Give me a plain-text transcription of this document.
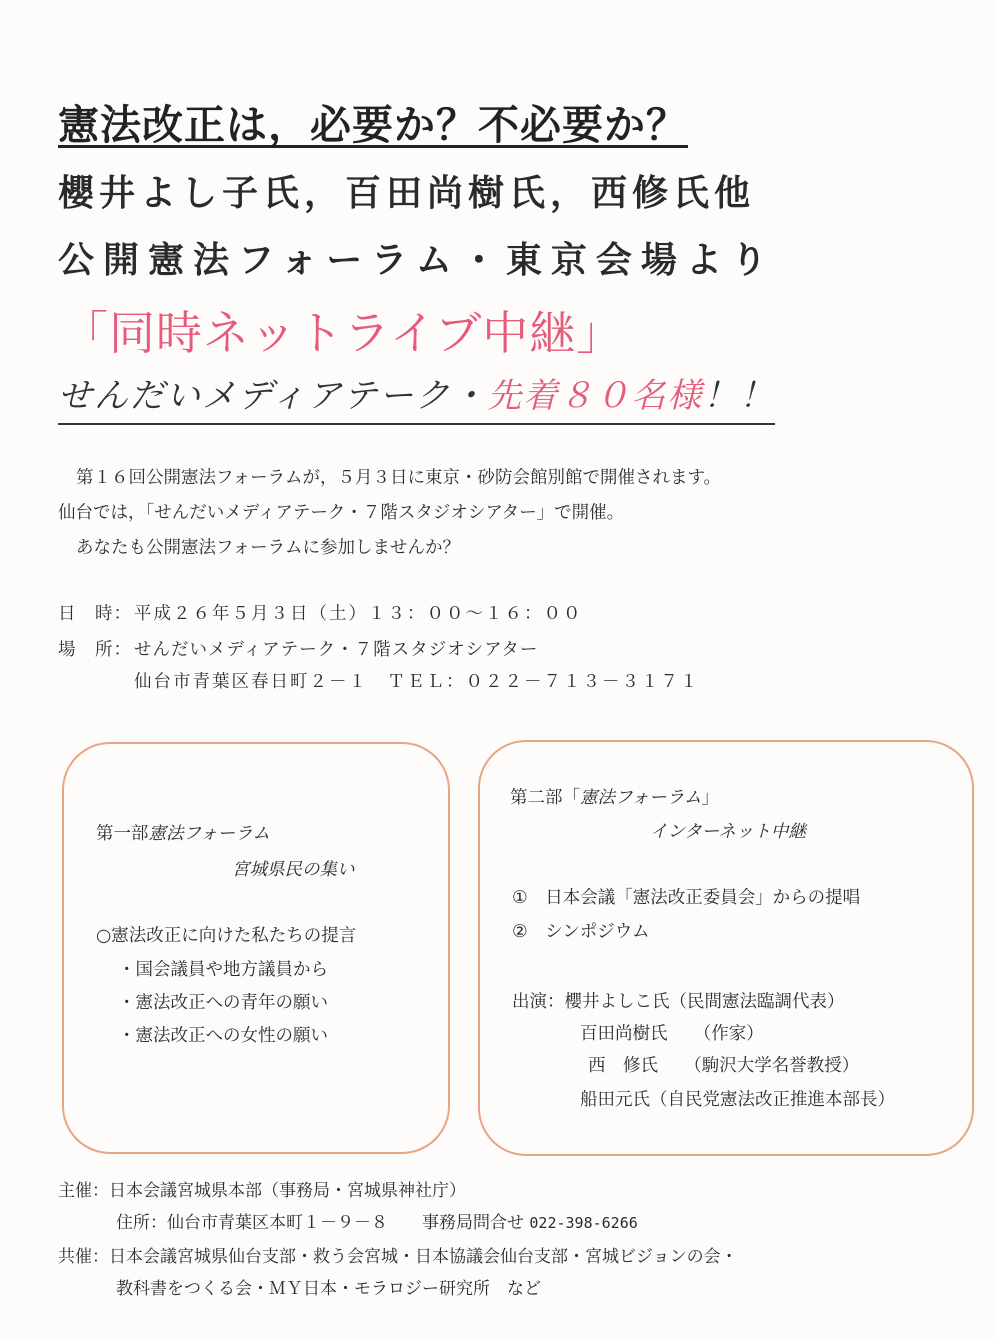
憲法改正は，必要か？不必要か？
櫻井よし子氏，百田尚樹氏，西修氏他
公開憲法フォーラム・東京会場より
「同時ネットライブ中継」
せんだいメディアテーク・先着８０名様！！
第１６回公開憲法フォーラムが，５月３日に東京・砂防会館別館で開催されます。
仙台では，「せんだいメディアテーク・７階スタジオシアター」で開催。
あなたも公開憲法フォーラムに参加しませんか？
日　時： 平成２６年５月３日（土）１３：００～１６：００
場　所： せんだいメディアテーク・７階スタジオシアター
仙台市青葉区春日町２－１　ＴＥＬ：０２２－７１３－３１７１
第一部憲法フォーラム
宮城県民の集い
○憲法改正に向けた私たちの提言
・国会議員や地方議員から
・憲法改正への青年の願い
・憲法改正への女性の願い
第二部「憲法フォーラム」
インターネット中継
①　日本会議「憲法改正委員会」からの提唱
②　シンポジウム
出演：櫻井よしこ氏（民間憲法臨調代表）
百田尚樹氏　　（作家）
西　修氏　　（駒沢大学名誉教授）
船田元氏（自民党憲法改正推進本部長）
主催：日本会議宮城県本部（事務局・宮城県神社庁）
住所：仙台市青葉区本町１－９－８　　事務局問合せ 022-398-6266
共催：日本会議宮城県仙台支部・救う会宮城・日本協議会仙台支部・宮城ビジョンの会・
教科書をつくる会・ＭＹ日本・モラロジー研究所　など
